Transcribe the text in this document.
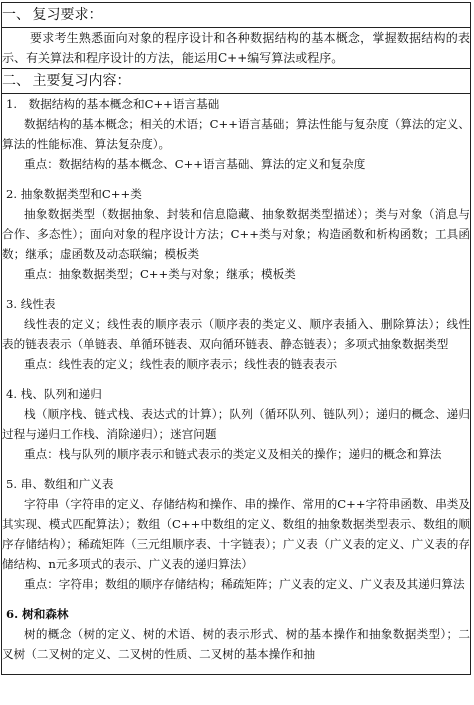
一、 复习要求：
要求考生熟悉面向对象的程序设计和各种数据结构的基本概念，掌握数据结构的表示、有关算法和程序设计的方法，能运用C++编写算法或程序。
二、 主要复习内容：

1.　数据结构的基本概念和C++语言基础

数据结构的基本概念；相关的术语；C++语言基础；算法性能与复杂度（算法的定义、算法的性能标准、算法复杂度）。

重点：数据结构的基本概念、C++语言基础、算法的定义和复杂度

2. 抽象数据类型和C++类

抽象数据类型（数据抽象、封装和信息隐藏、抽象数据类型描述）；类与对象（消息与合作、多态性）；面向对象的程序设计方法；C++类与对象；构造函数和析构函数；工具函数；继承；虚函数及动态联编；模板类

重点：抽象数据类型；C++类与对象；继承；模板类

3. 线性表

线性表的定义；线性表的顺序表示（顺序表的类定义、顺序表插入、删除算法）；线性表的链表表示（单链表、单循环链表、双向循环链表、静态链表）；多项式抽象数据类型

重点：线性表的定义；线性表的顺序表示；线性表的链表表示

4. 栈、队列和递归

栈（顺序栈、链式栈、表达式的计算）；队列（循环队列、链队列）；递归的概念、递归过程与递归工作栈、消除递归）；迷宫问题

重点：栈与队列的顺序表示和链式表示的类定义及相关的操作；递归的概念和算法

5. 串、数组和广义表

字符串（字符串的定义、存储结构和操作、串的操作、常用的C++字符串函数、串类及其实现、模式匹配算法）；数组（C++中数组的定义、数组的抽象数据类型表示、数组的顺序存储结构）；稀疏矩阵（三元组顺序表、十字链表）；广义表（广义表的定义、广义表的存储结构、n元多项式的表示、广义表的递归算法）

重点：字符串；数组的顺序存储结构；稀疏矩阵；广义表的定义、广义表及其递归算法

6. 树和森林

树的概念（树的定义、树的术语、树的表示形式、树的基本操作和抽象数据类型）；二叉树（二叉树的定义、二叉树的性质、二叉树的基本操作和抽
